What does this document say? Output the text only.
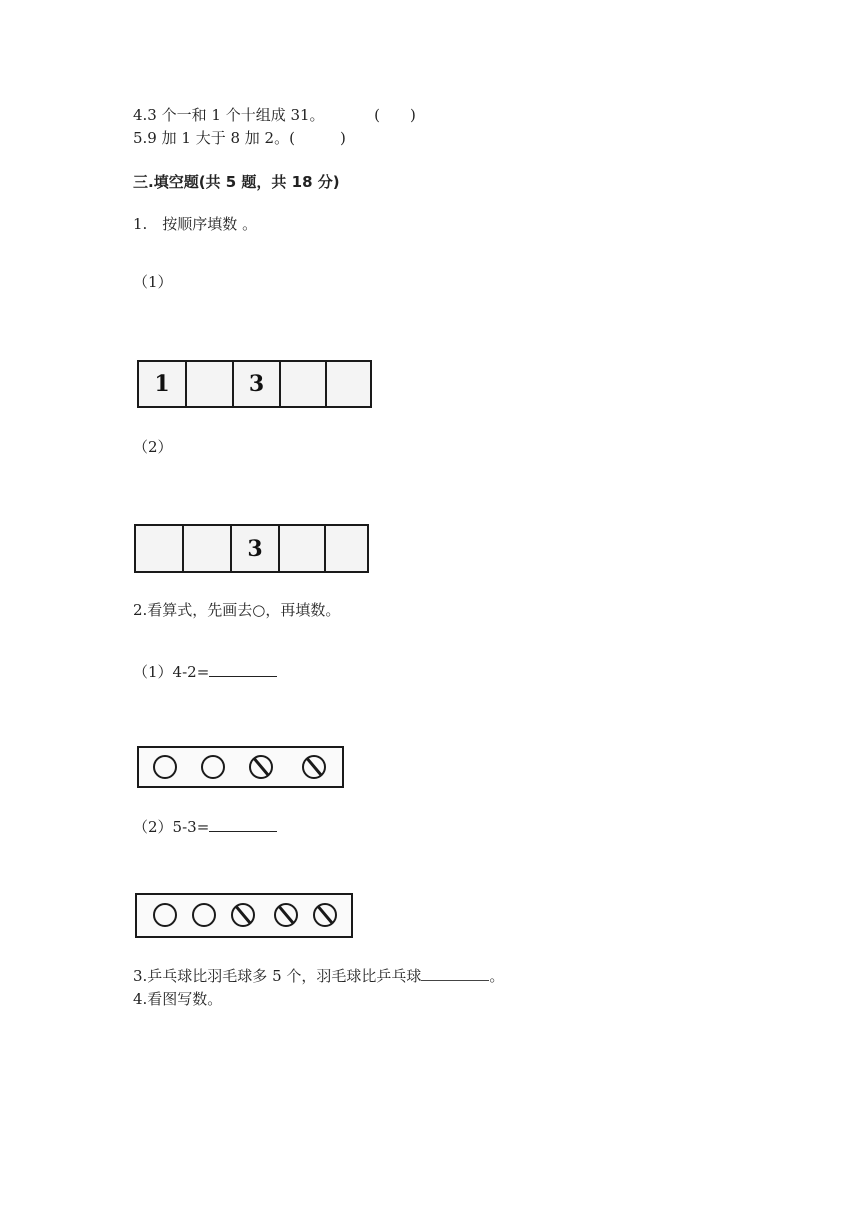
4.3 个一和 1 个十组成 31。	(　　)
5.9 加 1 大于 8 加 2。(　　　)
三.填空题(共 5 题，共 18 分)
1.　按顺序填数 。
（1）
1	3
（2）
3
2.看算式，先画去○，再填数。
（1）4-2=
（2）5-3=
3.乒乓球比羽毛球多 5 个，羽毛球比乒乓球	。
4.看图写数。
